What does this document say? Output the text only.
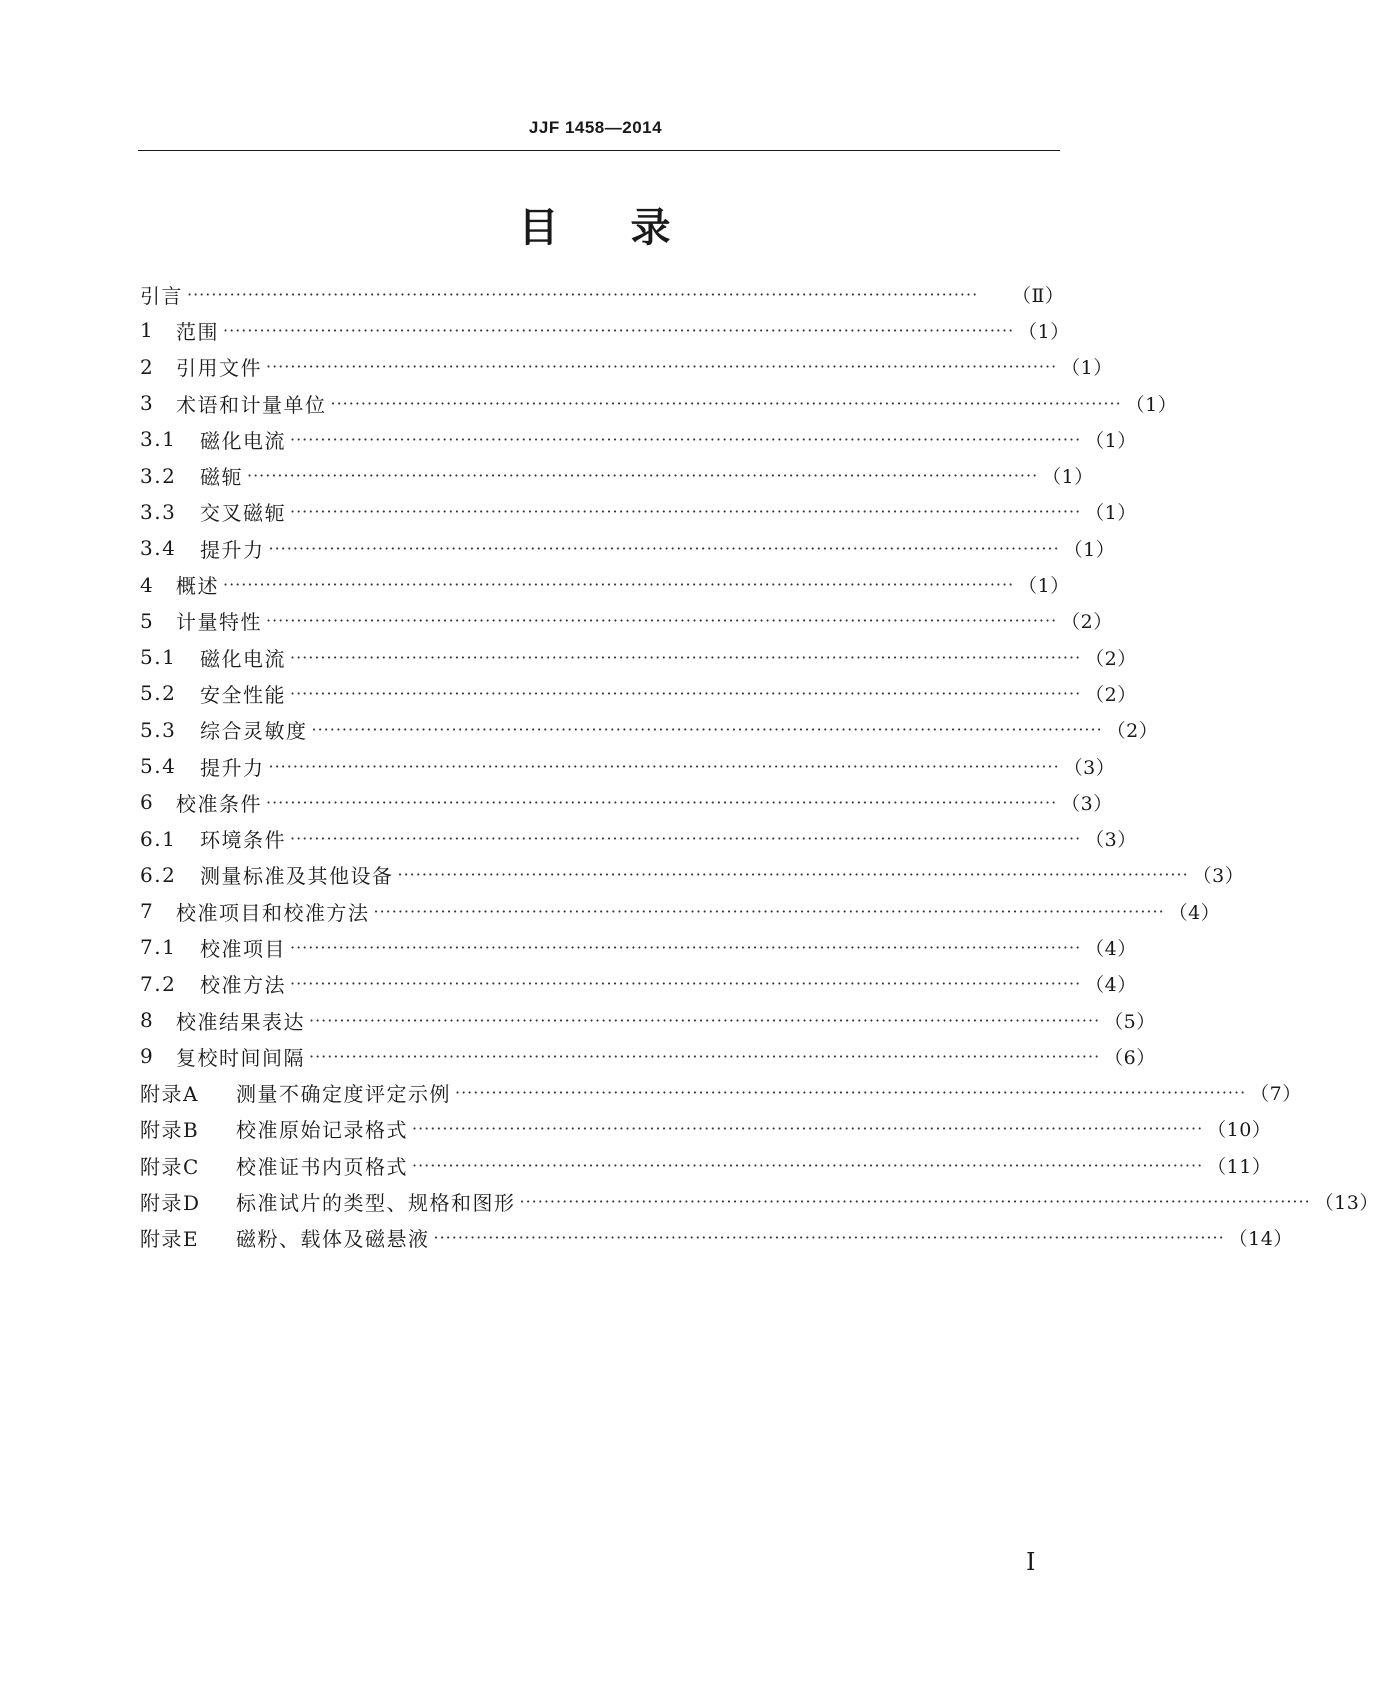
JJF 1458—2014
目 录
引言 ·····	（Ⅱ）
1	范围 ·····	（1）
2	引用文件 ·····	（1）
3	术语和计量单位 ·····	（1）
3.1	磁化电流 ·····	（1）
3.2	磁轭 ·····	（1）
3.3	交叉磁轭 ·····	（1）
3.4	提升力 ·····	（1）
4	概述 ·····	（1）
5	计量特性 ·····	（2）
5.1	磁化电流 ·····	（2）
5.2	安全性能 ·····	（2）
5.3	综合灵敏度 ·····	（2）
5.4	提升力 ·····	（3）
6	校准条件 ·····	（3）
6.1	环境条件 ·····	（3）
6.2	测量标准及其他设备 ·····	（3）
7	校准项目和校准方法 ·····	（4）
7.1	校准项目 ·····	（4）
7.2	校准方法 ·····	（4）
8	校准结果表达 ·····	（5）
9	复校时间间隔 ·····	（6）
附录A	测量不确定度评定示例 ·····	（7）
附录B	校准原始记录格式 ·····	（10）
附录C	校准证书内页格式 ·····	（11）
附录D	标准试片的类型、规格和图形 ·····	（13）
附录E	磁粉、载体及磁悬液 ·····	（14）
I
